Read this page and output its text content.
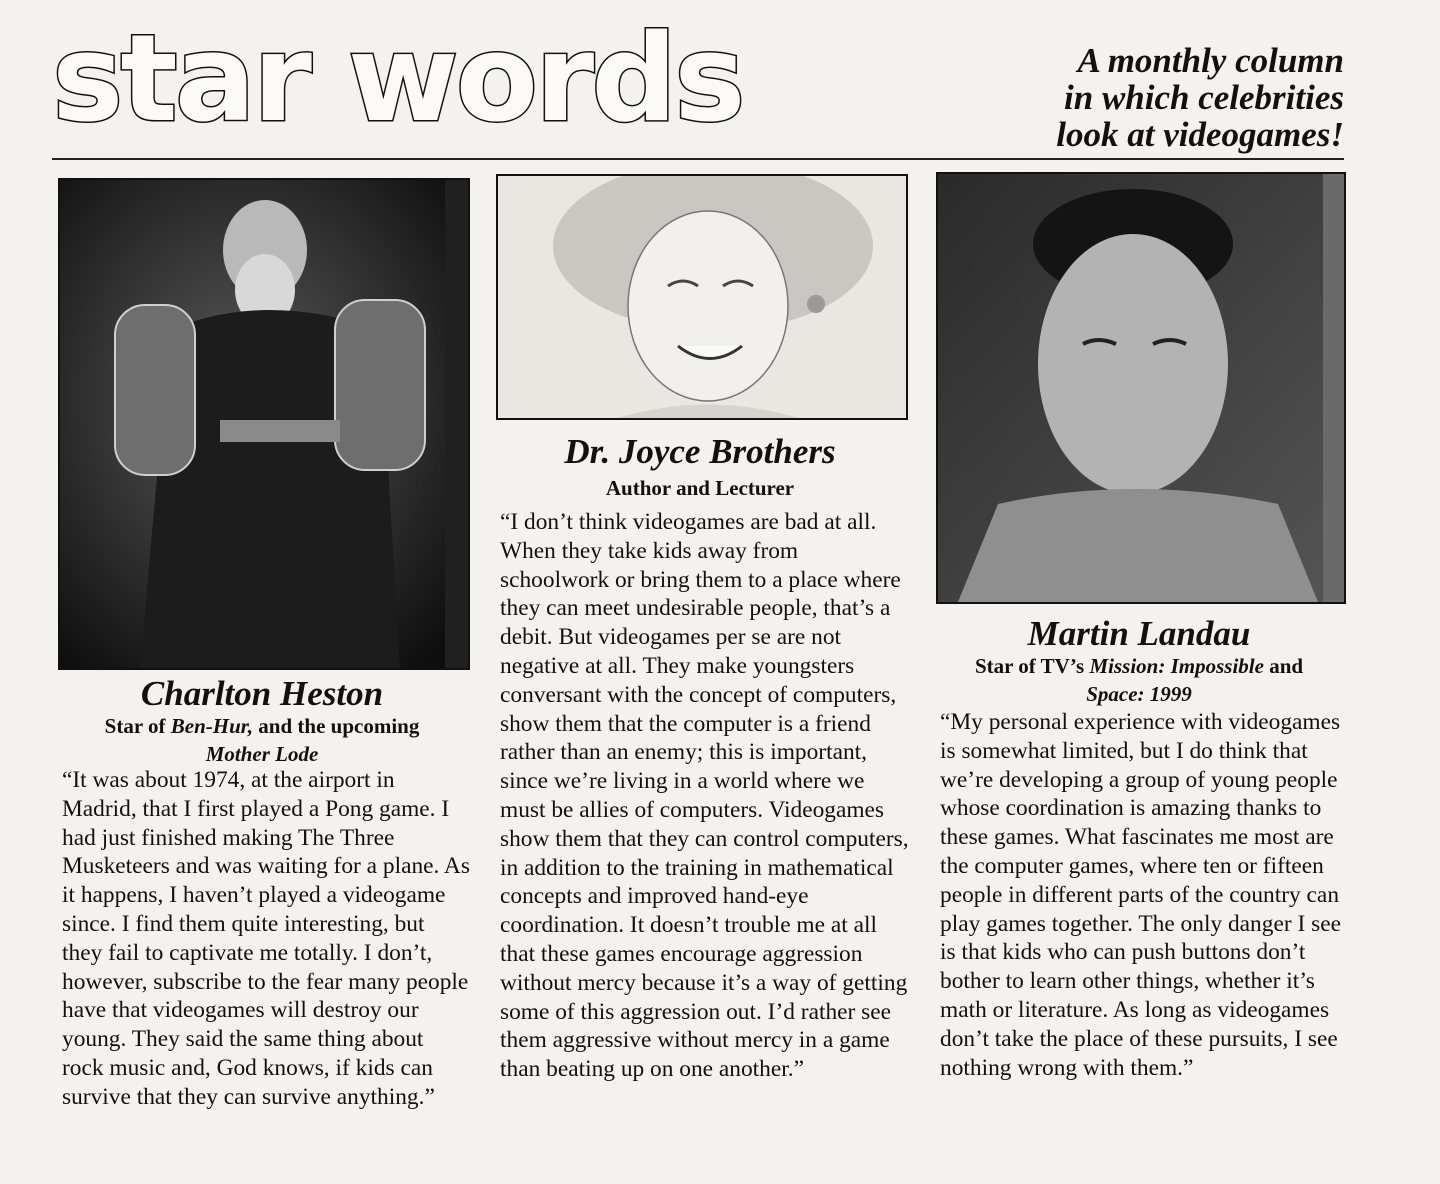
star words	A monthly column
in which celebrities
look at videogames!
Charlton Heston
Star of Ben-Hur, and the upcoming
Mother Lode

“It was about 1974, at the airport in Madrid, that I first played a Pong game. I had just finished making The Three Musketeers and was waiting for a plane. As it happens, I haven’t played a videogame since. I find them quite interesting, but they fail to captivate me totally. I don’t, however, subscribe to the fear many people have that videogames will destroy our young. They said the same thing about rock music and, God knows, if kids can survive that they can survive anything.”

Dr. Joyce Brothers
Author and Lecturer

“I don’t think videogames are bad at all. When they take kids away from schoolwork or bring them to a place where they can meet undesirable people, that’s a debit. But videogames per se are not negative at all. They make youngsters conversant with the concept of computers, show them that the computer is a friend rather than an enemy; this is important, since we’re living in a world where we must be allies of computers. Videogames show them that they can control computers, in addition to the training in mathematical concepts and improved hand-eye coordination. It doesn’t trouble me at all that these games encourage aggression without mercy because it’s a way of getting some of this aggression out. I’d rather see them aggressive without mercy in a game than beating up on one another.”

Martin Landau
Star of TV’s Mission: Impossible and
Space: 1999

“My personal experience with videogames is somewhat limited, but I do think that we’re developing a group of young people whose coordination is amazing thanks to these games. What fascinates me most are the computer games, where ten or fifteen people in different parts of the country can play games together. The only danger I see is that kids who can push buttons don’t bother to learn other things, whether it’s math or literature. As long as videogames don’t take the place of these pursuits, I see nothing wrong with them.”
